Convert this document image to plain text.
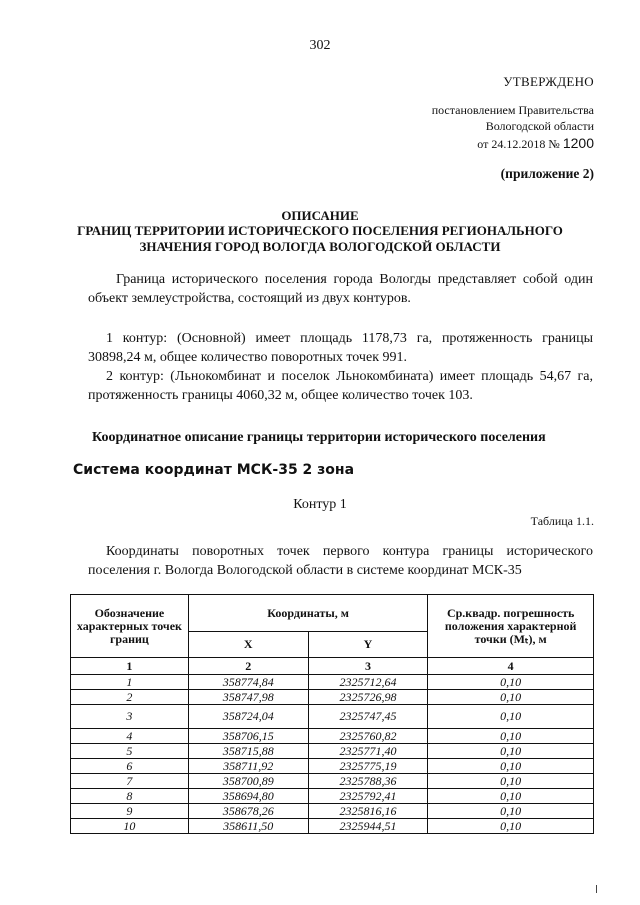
302
УТВЕРЖДЕНО
постановлением Правительства
Вологодской области
от 24.12.2018 № 1200
(приложение 2)
ОПИСАНИЕ
ГРАНИЦ ТЕРРИТОРИИ ИСТОРИЧЕСКОГО ПОСЕЛЕНИЯ РЕГИОНАЛЬНОГО
ЗНАЧЕНИЯ ГОРОД ВОЛОГДА ВОЛОГОДСКОЙ ОБЛАСТИ
Граница исторического поселения города Вологды представляет собой один объект землеустройства, состоящий из двух контуров.
1 контур: (Основной) имеет площадь 1178,73 га, протяженность границы 30898,24 м, общее количество поворотных точек 991.
2 контур: (Льнокомбинат и поселок Льнокомбината) имеет площадь 54,67 га, протяженность границы 4060,32 м, общее количество точек 103.
Координатное описание границы территории исторического поселения
Система координат МСК-35 2 зона
Контур 1
Таблица 1.1.
Координаты поворотных точек первого контура границы исторического поселения г. Вологда Вологодской области в системе координат МСК-35
Обозначение характерных точек границ	Координаты, м		Ср.квадр. погрешность положения характерной точки (Mₜ), м
	X	Y	
1	2	3	4
1	358774,84	2325712,64	0,10
2	358747,98	2325726,98	0,10
3	358724,04	2325747,45	0,10
4	358706,15	2325760,82	0,10
5	358715,88	2325771,40	0,10
6	358711,92	2325775,19	0,10
7	358700,89	2325788,36	0,10
8	358694,80	2325792,41	0,10
9	358678,26	2325816,16	0,10
10	358611,50	2325944,51	0,10
